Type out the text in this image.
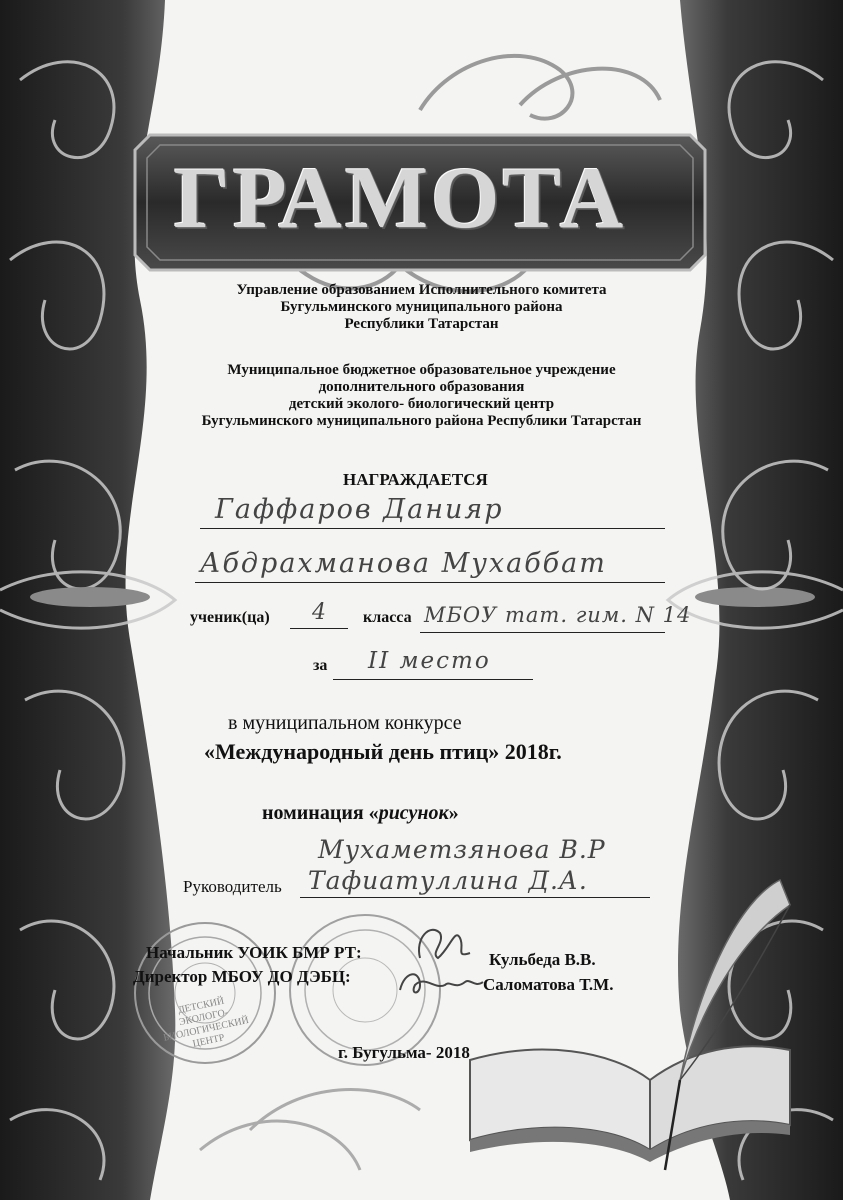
ГРАМОТА
Управление образованием Исполнительного комитета
Бугульминского муниципального района
Республики Татарстан
Муниципальное бюджетное образовательное учреждение
дополнительного образования
детский эколого- биологический центр
Бугульминского муниципального района Республики Татарстан
НАГРАЖДАЕТСЯ
Гаффаров Данияр
Абдрахманова Мухаббат
ученик(ца) 4 класса МБОУ тат. гим. N 14
за II место
в муниципальном конкурсе
«Международный день птиц» 2018г.
номинация «рисунок»
Мухаметзянова В.Р
Руководитель Тафиатуллина Д.А.
ДЕТСКИЙ ЭКОЛОГО-БИОЛОГИЧЕСКИЙ ЦЕНТР
Начальник УОИК БМР РТ:	Кульбеда В.В.
Директор МБОУ ДО ДЭБЦ:	Саломатова Т.М.
г. Бугульма- 2018
